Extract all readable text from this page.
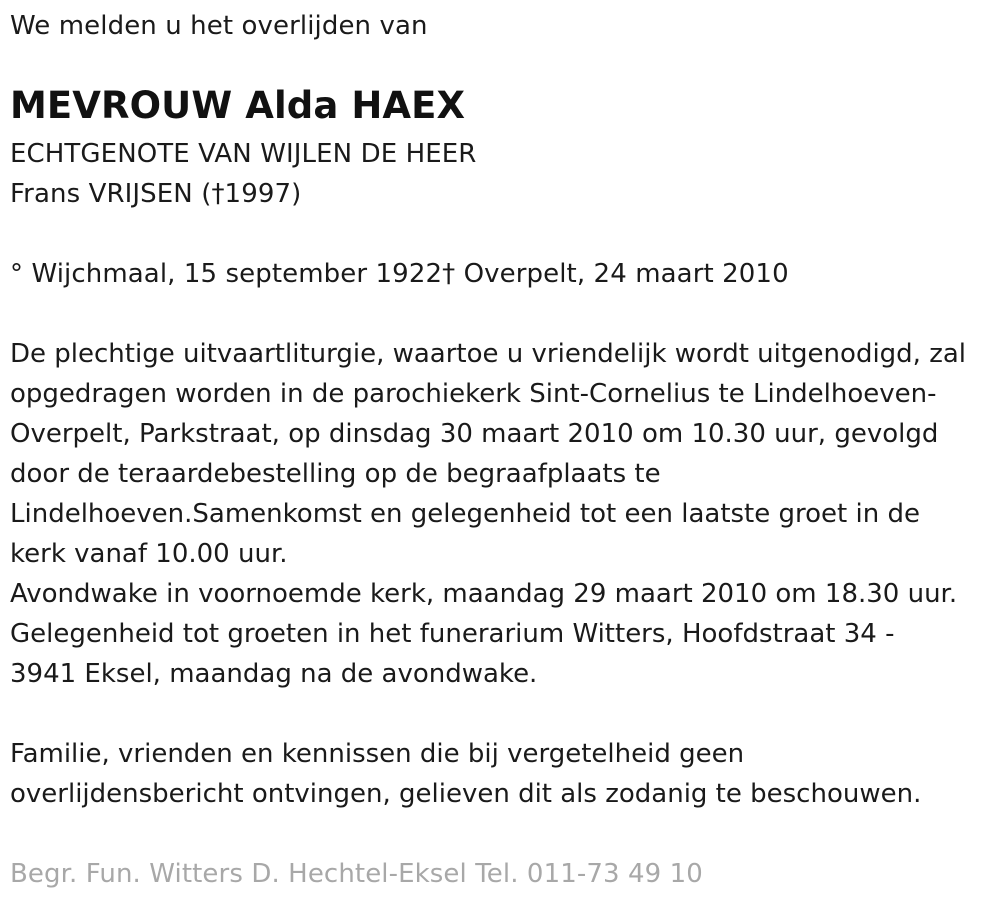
We melden u het overlijden van
MEVROUW Alda HAEX
ECHTGENOTE VAN WIJLEN DE HEER
Frans VRIJSEN (†1997)
° Wijchmaal, 15 september 1922† Overpelt, 24 maart 2010
De plechtige uitvaartliturgie, waartoe u vriendelijk wordt uitgenodigd, zal
opgedragen worden in de parochiekerk Sint-Cornelius te Lindelhoeven-
Overpelt, Parkstraat, op dinsdag 30 maart 2010 om 10.30 uur, gevolgd
door de teraardebestelling op de begraafplaats te
Lindelhoeven.Samenkomst en gelegenheid tot een laatste groet in de
kerk vanaf 10.00 uur.
Avondwake in voornoemde kerk, maandag 29 maart 2010 om 18.30 uur.
Gelegenheid tot groeten in het funerarium Witters, Hoofdstraat 34 -
3941 Eksel, maandag na de avondwake.
Familie, vrienden en kennissen die bij vergetelheid geen
overlijdensbericht ontvingen, gelieven dit als zodanig te beschouwen.
Begr. Fun. Witters D. Hechtel-Eksel Tel. 011-73 49 10
